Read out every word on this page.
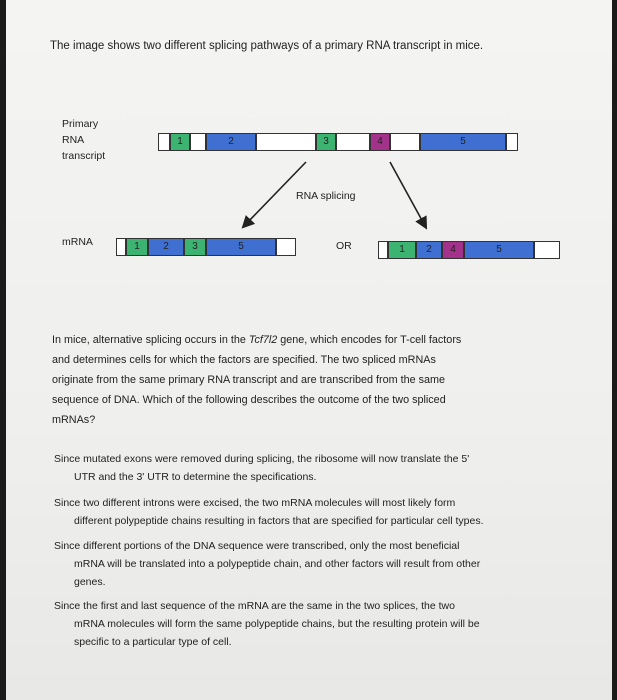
The image shows two different splicing pathways of a primary RNA transcript in mice.
Primary
RNA
transcript
1	2	3	4	5
RNA splicing
mRNA	1	2	3	5	OR	1	2	4	5
In mice, alternative splicing occurs in the Tcf7l2 gene, which encodes for T-cell factors
and determines cells for which the factors are specified. The two spliced mRNAs
originate from the same primary RNA transcript and are transcribed from the same
sequence of DNA. Which of the following describes the outcome of the two spliced
mRNAs?
Since mutated exons were removed during splicing, the ribosome will now translate the 5'
UTR and the 3' UTR to determine the specifications.
Since two different introns were excised, the two mRNA molecules will most likely form
different polypeptide chains resulting in factors that are specified for particular cell types.
Since different portions of the DNA sequence were transcribed, only the most beneficial
mRNA will be translated into a polypeptide chain, and other factors will result from other
genes.
Since the first and last sequence of the mRNA are the same in the two splices, the two
mRNA molecules will form the same polypeptide chains, but the resulting protein will be
specific to a particular type of cell.
